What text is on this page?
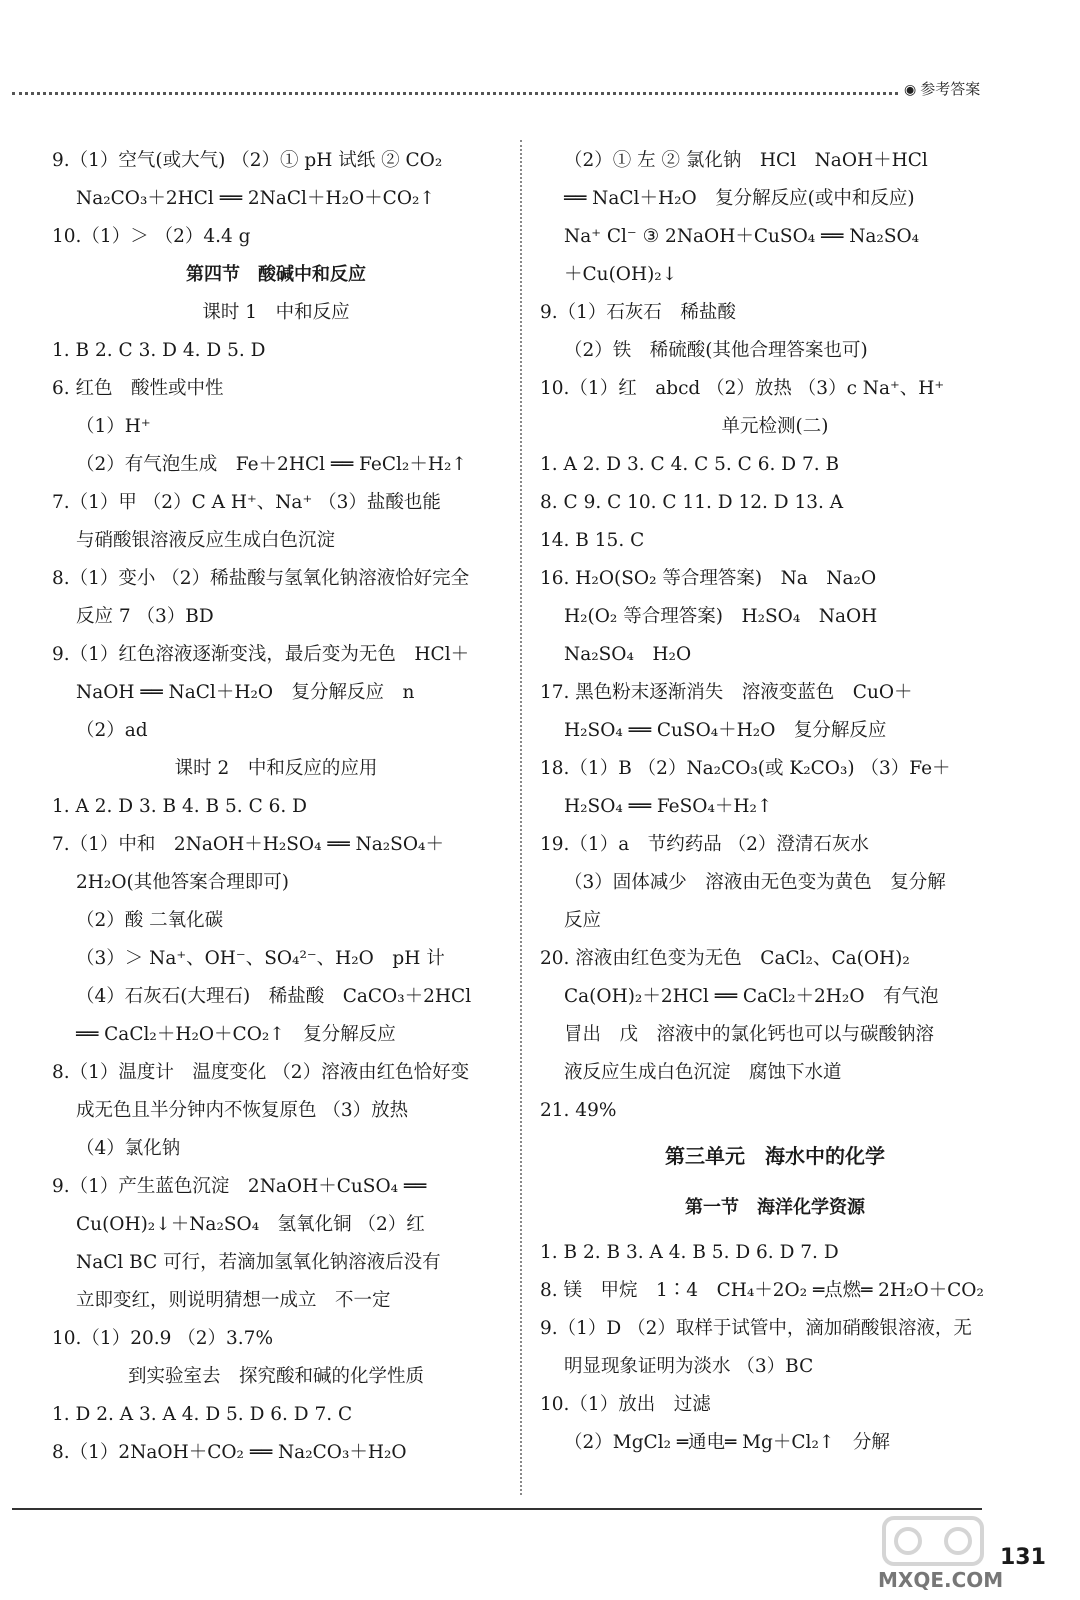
◉ 参考答案
9.（1）空气(或大气) （2）① pH 试纸 ② CO₂
Na₂CO₃＋2HCl ══ 2NaCl＋H₂O＋CO₂↑
10.（1）＞ （2）4.4 g
第四节　酸碱中和反应
课时 1　中和反应
1. B 2. C 3. D 4. D 5. D
6. 红色　酸性或中性
（1）H⁺
（2）有气泡生成　Fe＋2HCl ══ FeCl₂＋H₂↑
7.（1）甲 （2）C A H⁺、Na⁺ （3）盐酸也能
与硝酸银溶液反应生成白色沉淀
8.（1）变小 （2）稀盐酸与氢氧化钠溶液恰好完全
反应 7 （3）BD
9.（1）红色溶液逐渐变浅，最后变为无色　HCl＋
NaOH ══ NaCl＋H₂O　复分解反应　n
（2）ad
课时 2　中和反应的应用
1. A 2. D 3. B 4. B 5. C 6. D
7.（1）中和　2NaOH＋H₂SO₄ ══ Na₂SO₄＋
2H₂O(其他答案合理即可)
（2）酸 二氧化碳
（3）＞ Na⁺、OH⁻、SO₄²⁻、H₂O　pH 计
（4）石灰石(大理石)　稀盐酸　CaCO₃＋2HCl
══ CaCl₂＋H₂O＋CO₂↑　复分解反应
8.（1）温度计　温度变化 （2）溶液由红色恰好变
成无色且半分钟内不恢复原色 （3）放热
（4）氯化钠
9.（1）产生蓝色沉淀　2NaOH＋CuSO₄ ══
Cu(OH)₂↓＋Na₂SO₄　氢氧化铜 （2）红
NaCl BC 可行，若滴加氢氧化钠溶液后没有
立即变红，则说明猜想一成立　不一定
10.（1）20.9 （2）3.7%
到实验室去　探究酸和碱的化学性质
1. D 2. A 3. A 4. D 5. D 6. D 7. C
8.（1）2NaOH＋CO₂ ══ Na₂CO₃＋H₂O
（2）① 左 ② 氯化钠　HCl　NaOH＋HCl
══ NaCl＋H₂O　复分解反应(或中和反应)
Na⁺ Cl⁻ ③ 2NaOH＋CuSO₄ ══ Na₂SO₄
＋Cu(OH)₂↓
9.（1）石灰石　稀盐酸
（2）铁　稀硫酸(其他合理答案也可)
10.（1）红　abcd （2）放热 （3）c Na⁺、H⁺
单元检测(二)
1. A 2. D 3. C 4. C 5. C 6. D 7. B
8. C 9. C 10. C 11. D 12. D 13. A
14. B 15. C
16. H₂O(SO₂ 等合理答案)　Na　Na₂O
H₂(O₂ 等合理答案)　H₂SO₄　NaOH
Na₂SO₄　H₂O
17. 黑色粉末逐渐消失　溶液变蓝色　CuO＋
H₂SO₄ ══ CuSO₄＋H₂O　复分解反应
18.（1）B （2）Na₂CO₃(或 K₂CO₃) （3）Fe＋
H₂SO₄ ══ FeSO₄＋H₂↑
19.（1）a　节约药品 （2）澄清石灰水
（3）固体减少　溶液由无色变为黄色　复分解
反应
20. 溶液由红色变为无色　CaCl₂、Ca(OH)₂
Ca(OH)₂＋2HCl ══ CaCl₂＋2H₂O　有气泡
冒出　戊　溶液中的氯化钙也可以与碳酸钠溶
液反应生成白色沉淀　腐蚀下水道
21. 49%
第三单元　海水中的化学
第一节　海洋化学资源
1. B 2. B 3. A 4. B 5. D 6. D 7. D
8. 镁　甲烷　1∶4　CH₄＋2O₂ ═点燃═ 2H₂O＋CO₂
9.（1）D （2）取样于试管中，滴加硝酸银溶液，无
明显现象证明为淡水 （3）BC
10.（1）放出　过滤
（2）MgCl₂ ═通电═ Mg＋Cl₂↑　分解
MXQE.COM
131
